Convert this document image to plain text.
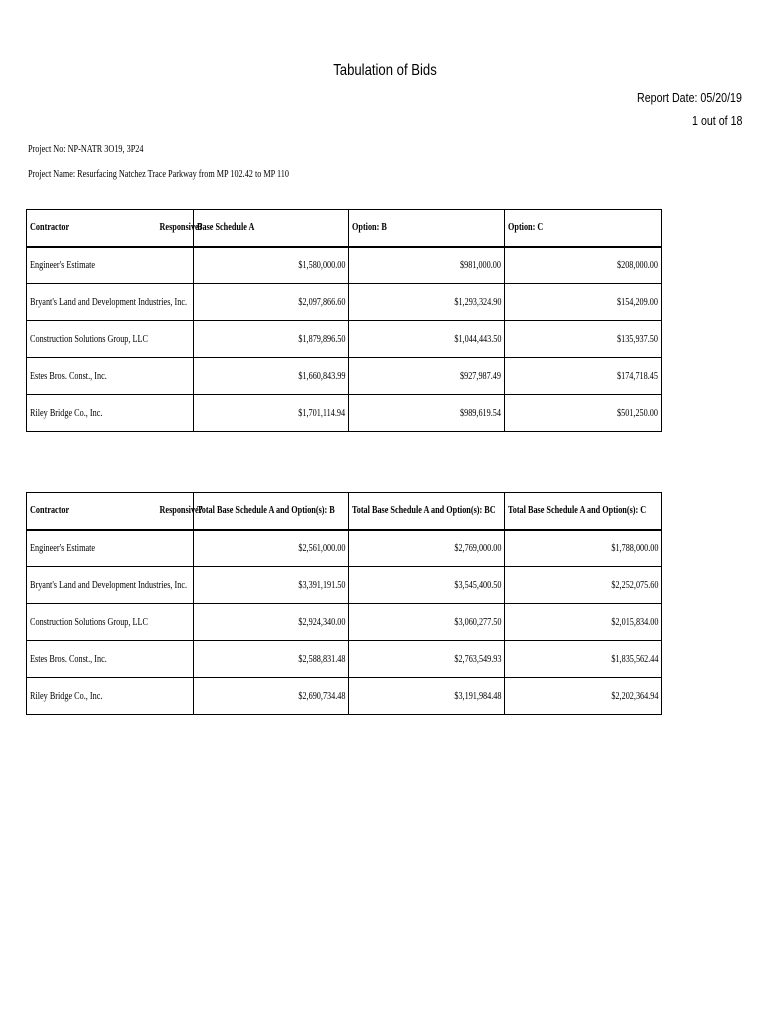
Tabulation of Bids
Report Date: 05/20/19
1 out of 18
Project No: NP-NATR 3O19, 3P24
Project Name: Resurfacing Natchez Trace Parkway from MP 102.42 to MP 110
Contractor	Responsive?	Base Schedule A	Option: B	Option: C
Engineer's Estimate		$1,580,000.00	$981,000.00	$208,000.00
Bryant's Land and Development Industries, Inc.		$2,097,866.60	$1,293,324.90	$154,209.00
Construction Solutions Group, LLC		$1,879,896.50	$1,044,443.50	$135,937.50
Estes Bros. Const., Inc.		$1,660,843.99	$927,987.49	$174,718.45
Riley Bridge Co., Inc.		$1,701,114.94	$989,619.54	$501,250.00
Contractor	Responsive?	Total Base Schedule A and Option(s): B	Total Base Schedule A and Option(s): BC	Total Base Schedule A and Option(s): C
Engineer's Estimate		$2,561,000.00	$2,769,000.00	$1,788,000.00
Bryant's Land and Development Industries, Inc.		$3,391,191.50	$3,545,400.50	$2,252,075.60
Construction Solutions Group, LLC		$2,924,340.00	$3,060,277.50	$2,015,834.00
Estes Bros. Const., Inc.		$2,588,831.48	$2,763,549.93	$1,835,562.44
Riley Bridge Co., Inc.		$2,690,734.48	$3,191,984.48	$2,202,364.94
